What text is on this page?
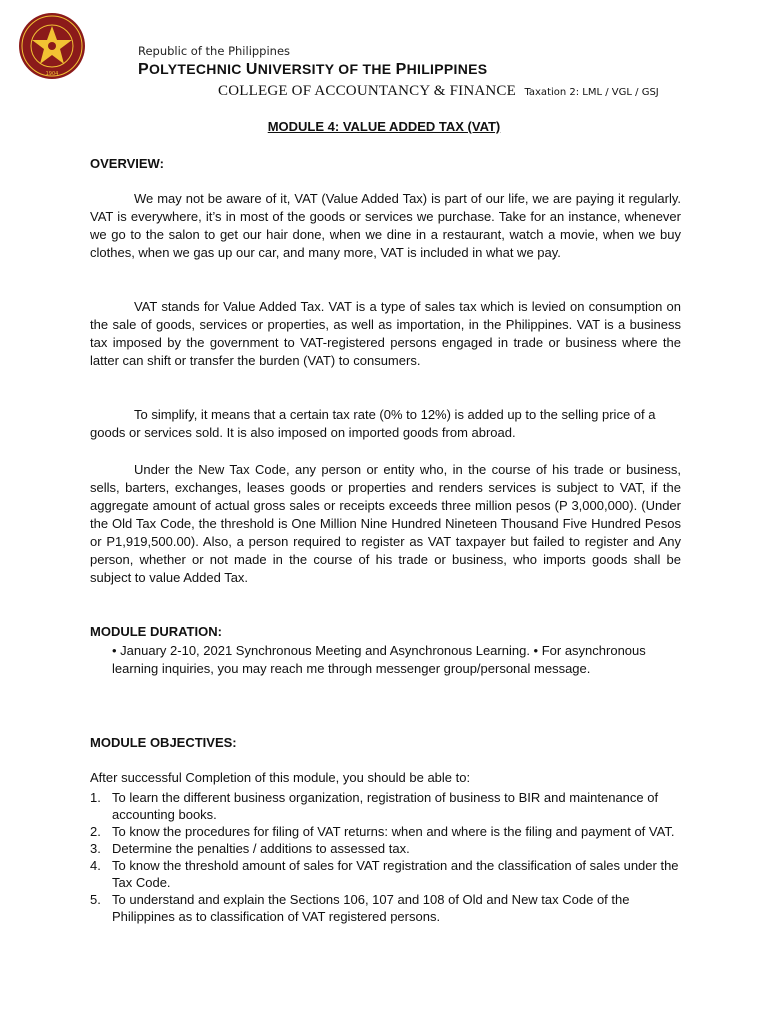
1904
Republic of the Philippines
POLYTECHNIC UNIVERSITY OF THE PHILIPPINES
COLLEGE OF ACCOUNTANCY & FINANCE Taxation 2: LML / VGL / GSJ
MODULE 4: VALUE ADDED TAX (VAT)
OVERVIEW:

We may not be aware of it, VAT (Value Added Tax) is part of our life, we are paying it regularly. VAT is everywhere, it’s in most of the goods or services we purchase. Take for an instance, whenever we go to the salon to get our hair done, when we dine in a restaurant, watch a movie, when we buy clothes, when we gas up our car, and many more, VAT is included in what we pay.

VAT stands for Value Added Tax. VAT is a type of sales tax which is levied on consumption on the sale of goods, services or properties, as well as importation, in the Philippines. VAT is a business tax imposed by the government to VAT-registered persons engaged in trade or business where the latter can shift or transfer the burden (VAT) to consumers.

To simplify, it means that a certain tax rate (0% to 12%) is added up to the selling price of a goods or services sold. It is also imposed on imported goods from abroad.

Under the New Tax Code, any person or entity who, in the course of his trade or business, sells, barters, exchanges, leases goods or properties and renders services is subject to VAT, if the aggregate amount of actual gross sales or receipts exceeds three million pesos (P 3,000,000). (Under the Old Tax Code, the threshold is One Million Nine Hundred Nineteen Thousand Five Hundred Pesos or P1,919,500.00). Also, a person required to register as VAT taxpayer but failed to register and Any person, whether or not made in the course of his trade or business, who imports goods shall be subject to value Added Tax.

MODULE DURATION:
• January 2-10, 2021 Synchronous Meeting and Asynchronous Learning. • For asynchronous learning inquiries, you may reach me through messenger group/personal message.
MODULE OBJECTIVES:
After successful Completion of this module, you should be able to:
1. To learn the different business organization, registration of business to BIR and maintenance of accounting books.
2. To know the procedures for filing of VAT returns: when and where is the filing and payment of VAT.
3. Determine the penalties / additions to assessed tax.
4. To know the threshold amount of sales for VAT registration and the classification of sales under the Tax Code.
5. To understand and explain the Sections 106, 107 and 108 of Old and New tax Code of the Philippines as to classification of VAT registered persons.
